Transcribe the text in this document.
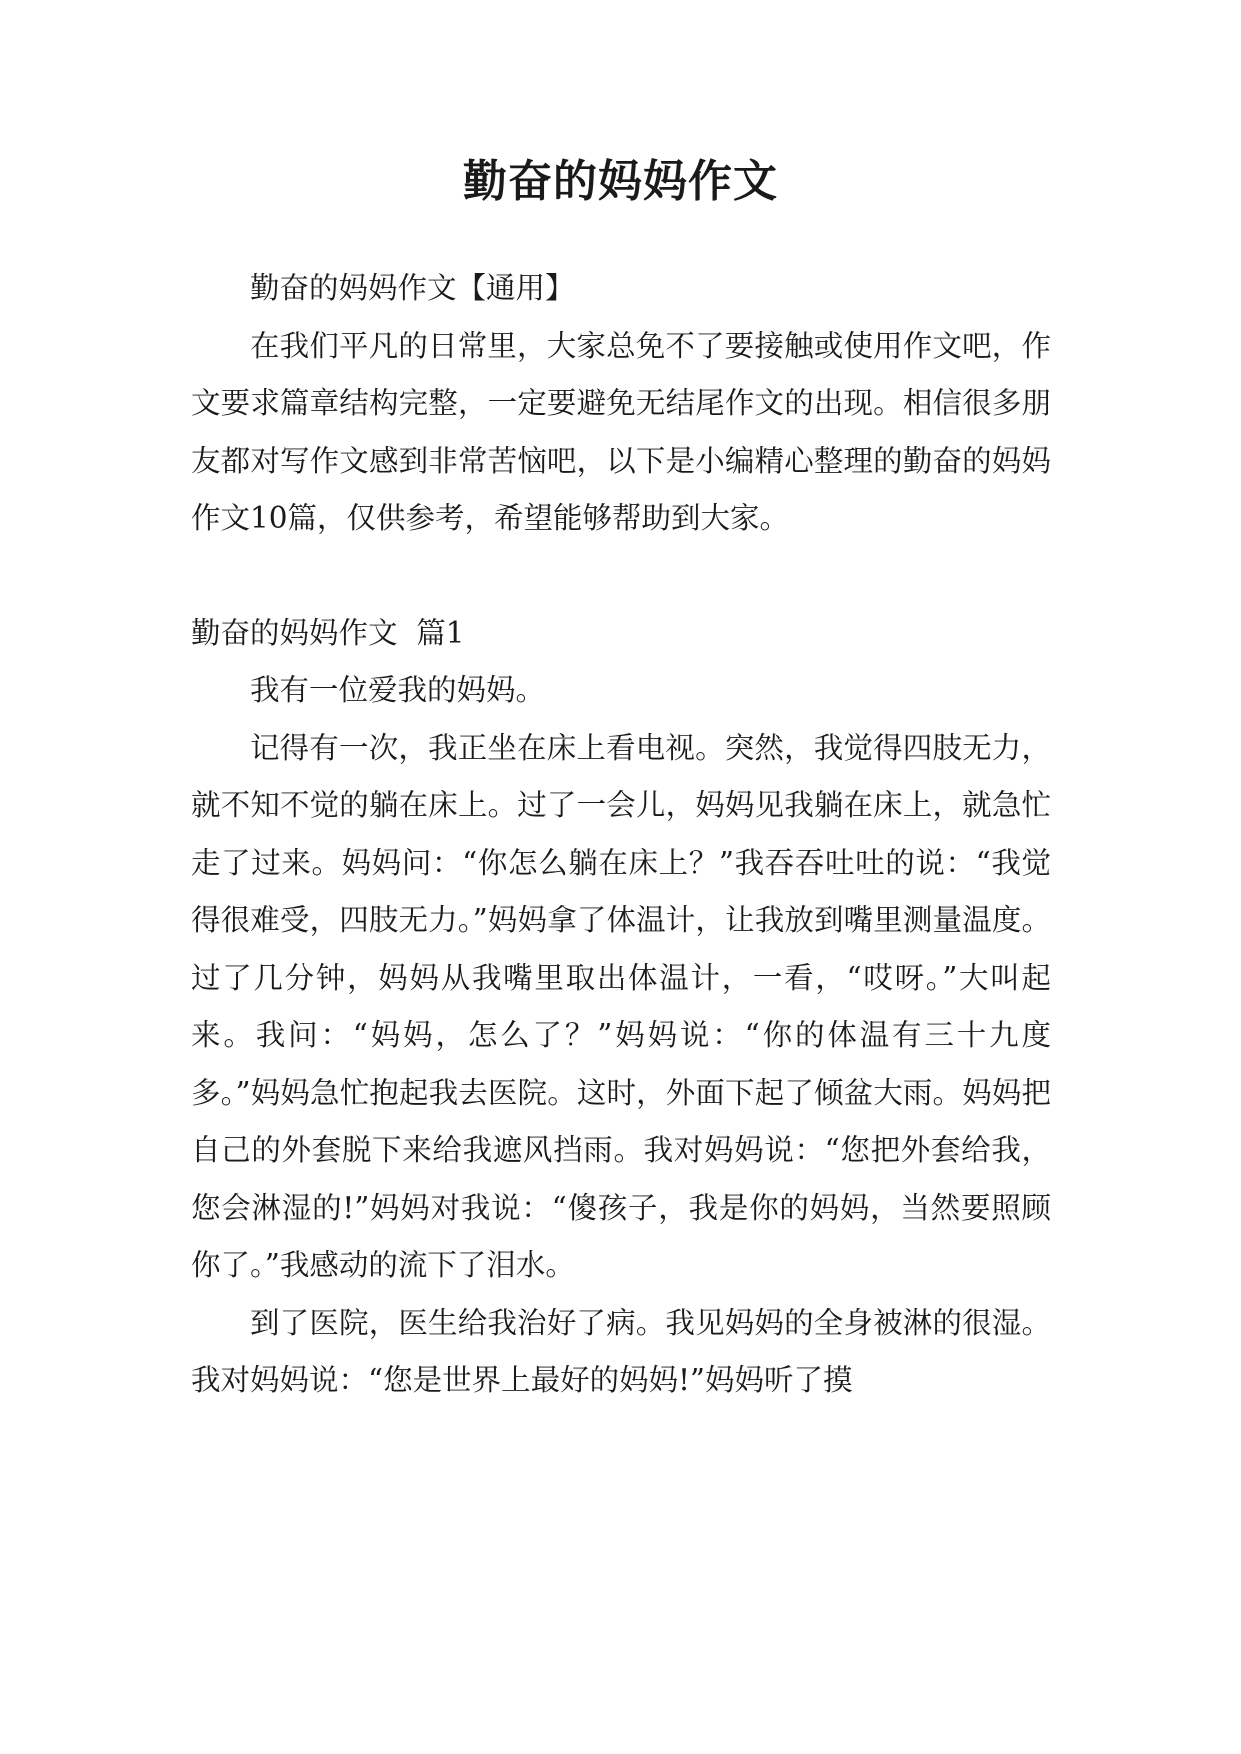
勤奋的妈妈作文

勤奋的妈妈作文【通用】

在我们平凡的日常里，大家总免不了要接触或使用作文吧，作文要求篇章结构完整，一定要避免无结尾作文的出现。相信很多朋友都对写作文感到非常苦恼吧，以下是小编精心整理的勤奋的妈妈作文10篇，仅供参考，希望能够帮助到大家。

勤奋的妈妈作文  篇1

我有一位爱我的妈妈。

记得有一次，我正坐在床上看电视。突然，我觉得四肢无力，就不知不觉的躺在床上。过了一会儿，妈妈见我躺在床上，就急忙走了过来。妈妈问：“你怎么躺在床上？”我吞吞吐吐的说：“我觉得很难受，四肢无力。”妈妈拿了体温计，让我放到嘴里测量温度。过了几分钟，妈妈从我嘴里取出体温计，一看，“哎呀。”大叫起来。我问：“妈妈，怎么了？”妈妈说：“你的体温有三十九度多。”妈妈急忙抱起我去医院。这时，外面下起了倾盆大雨。妈妈把自己的外套脱下来给我遮风挡雨。我对妈妈说：“您把外套给我，您会淋湿的!”妈妈对我说：“傻孩子，我是你的妈妈，当然要照顾你了。”我感动的流下了泪水。

到了医院，医生给我治好了病。我见妈妈的全身被淋的很湿。我对妈妈说：“您是世界上最好的妈妈!”妈妈听了摸
